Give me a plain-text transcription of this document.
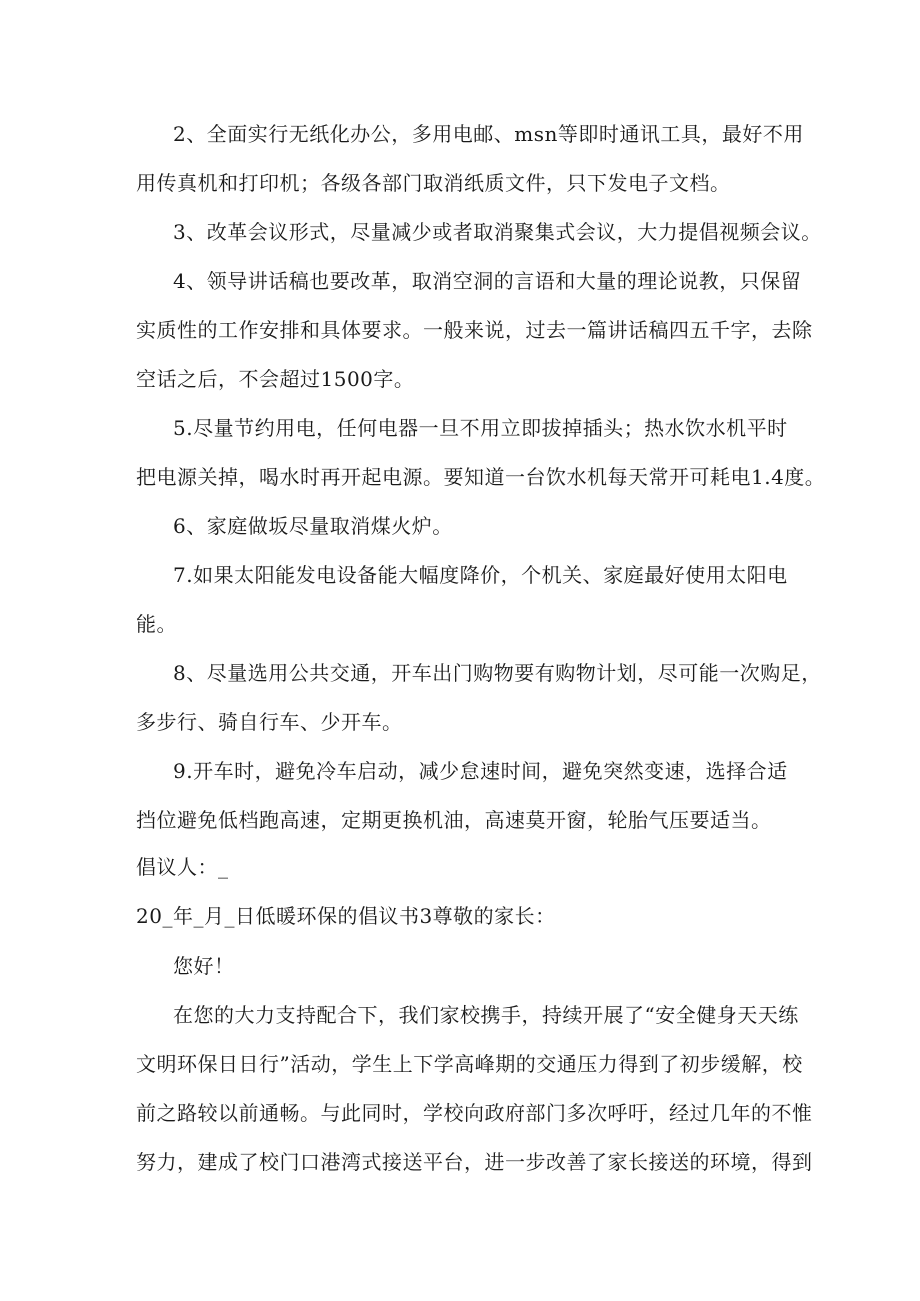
2、全面实行无纸化办公，多用电邮、msn等即时通讯工具，最好不用
用传真机和打印机；各级各部门取消纸质文件，只下发电子文档。
3、改革会议形式，尽量减少或者取消聚集式会议，大力提倡视频会议。
4、领导讲话稿也要改革，取消空洞的言语和大量的理论说教，只保留
实质性的工作安排和具体要求。一般来说，过去一篇讲话稿四五千字，去除
空话之后，不会超过1500字。
5.尽量节约用电，任何电器一旦不用立即拔掉插头；热水饮水机平时
把电源关掉，喝水时再开起电源。要知道一台饮水机每天常开可耗电1.4度。
6、家庭做坂尽量取消煤火炉。
7.如果太阳能发电设备能大幅度降价，个机关、家庭最好使用太阳电
能。
8、尽量选用公共交通，开车出门购物要有购物计划，尽可能一次购足，
多步行、骑自行车、少开车。
9.开车时，避免冷车启动，减少怠速时间，避免突然变速，选择合适
挡位避免低档跑高速，定期更换机油，高速莫开窗，轮胎气压要适当。
倡议人：_
20_年_月_日低暖环保的倡议书3尊敬的家长：
您好！
在您的大力支持配合下，我们家校携手，持续开展了“安全健身天天练
文明环保日日行”活动，学生上下学高峰期的交通压力得到了初步缓解，校
前之路较以前通畅。与此同时，学校向政府部门多次呼吁，经过几年的不惟
努力，建成了校门口港湾式接送平台，进一步改善了家长接送的环境，得到
